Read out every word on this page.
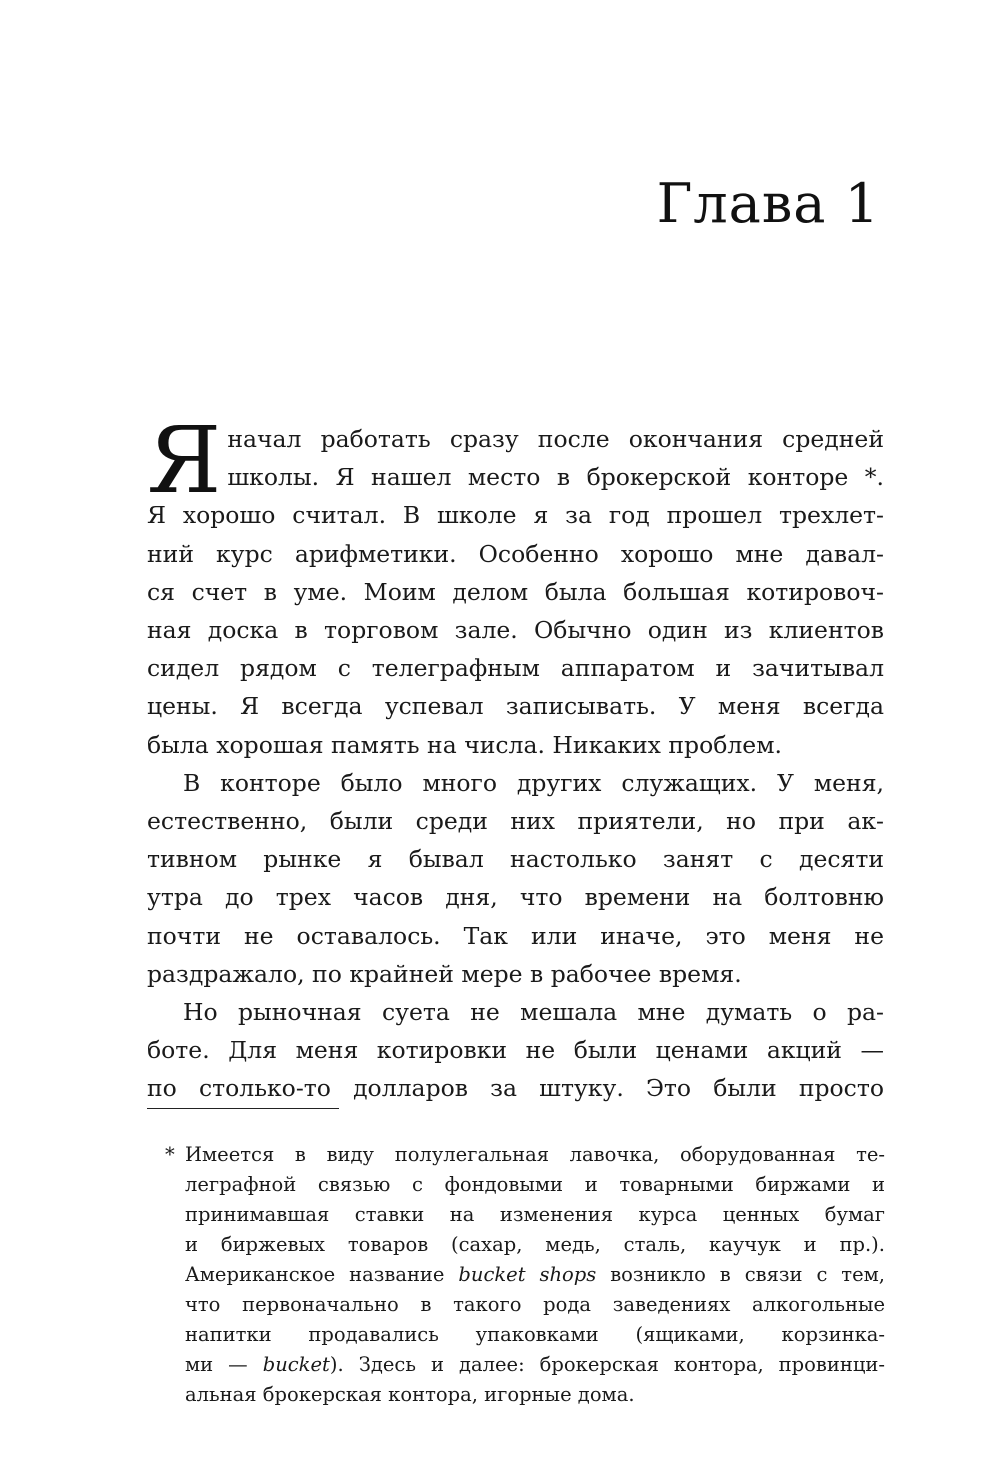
Глава 1
Я начал работать сразу после окончания средней
школы. Я нашел место в брокерской конторе *.
Я хорошо считал. В школе я за год прошел трехлет-
ний курс арифметики. Особенно хорошо мне давал-
ся счет в уме. Моим делом была большая котировоч-
ная доска в торговом зале. Обычно один из клиентов
сидел рядом с телеграфным аппаратом и зачитывал
цены. Я всегда успевал записывать. У меня всегда
была хорошая память на числа. Никаких проблем.
В конторе было много других служащих. У меня,
естественно, были среди них приятели, но при ак-
тивном рынке я бывал настолько занят с десяти
утра до трех часов дня, что времени на болтовню
почти не оставалось. Так или иначе, это меня не
раздражало, по крайней мере в рабочее время.
Но рыночная суета не мешала мне думать о ра-
боте. Для меня котировки не были ценами акций —
по столько-то долларов за штуку. Это были просто
* Имеется в виду полулегальная лавочка, оборудованная те-
леграфной связью с фондовыми и товарными биржами и
принимавшая ставки на изменения курса ценных бумаг
и биржевых товаров (сахар, медь, сталь, каучук и пр.).
Американское название bucket shops возникло в связи с тем,
что первоначально в такого рода заведениях алкогольные
напитки продавались упаковками (ящиками, корзинка-
ми — bucket). Здесь и далее: брокерская контора, провинци-
альная брокерская контора, игорные дома.
